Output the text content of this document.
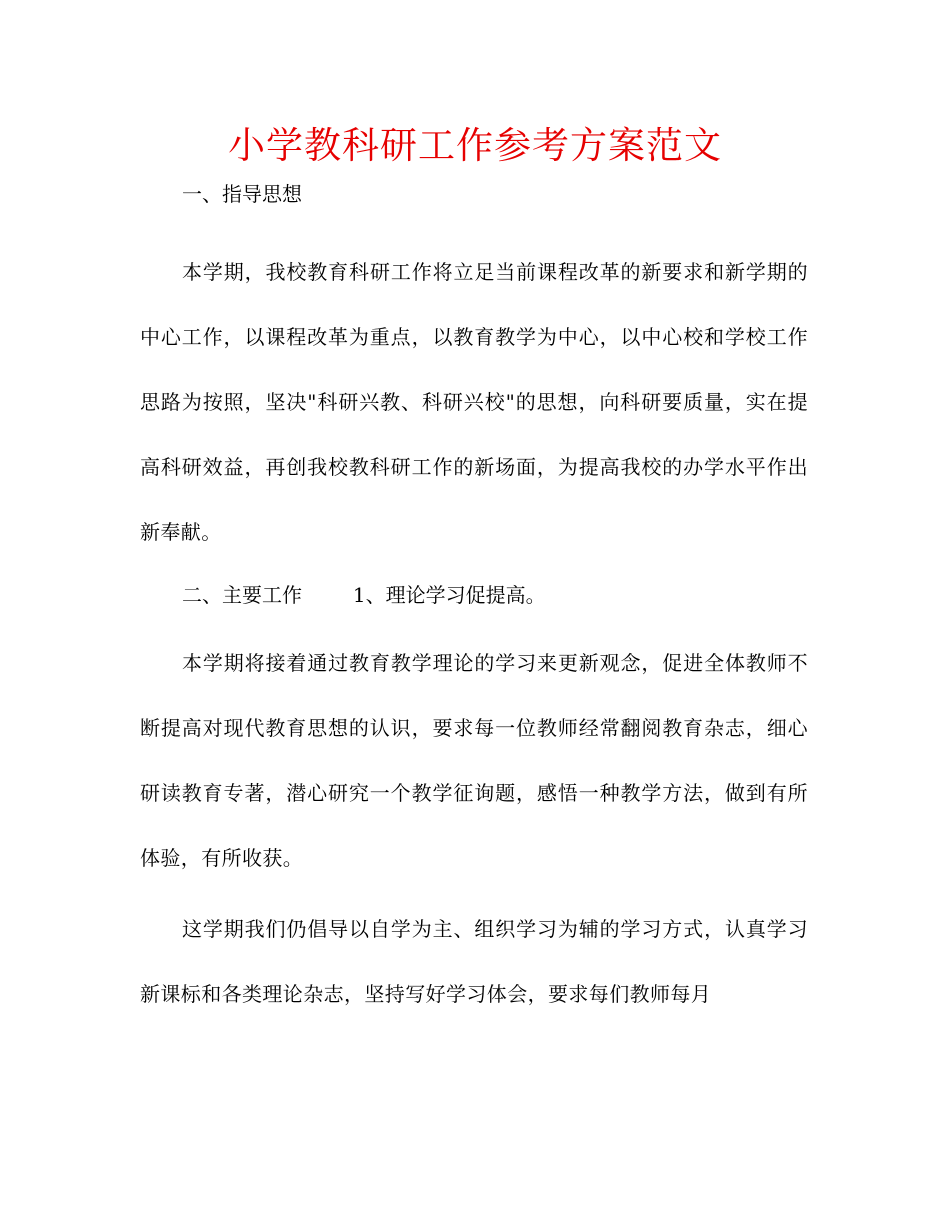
小学教科研工作参考方案范文

一、指导思想

本学期，我校教育科研工作将立足当前课程改革的新要求和新学期的中心工作，以课程改革为重点，以教育教学为中心，以中心校和学校工作思路为按照，坚决"科研兴教、科研兴校"的思想，向科研要质量，实在提高科研效益，再创我校教科研工作的新场面，为提高我校的办学水平作出新奉献。

二、主要工作	1、理论学习促提高。

本学期将接着通过教育教学理论的学习来更新观念，促进全体教师不断提高对现代教育思想的认识，要求每一位教师经常翻阅教育杂志，细心研读教育专著，潜心研究一个教学征询题，感悟一种教学方法，做到有所体验，有所收获。

这学期我们仍倡导以自学为主、组织学习为辅的学习方式，认真学习新课标和各类理论杂志，坚持写好学习体会，要求每们教师每月
